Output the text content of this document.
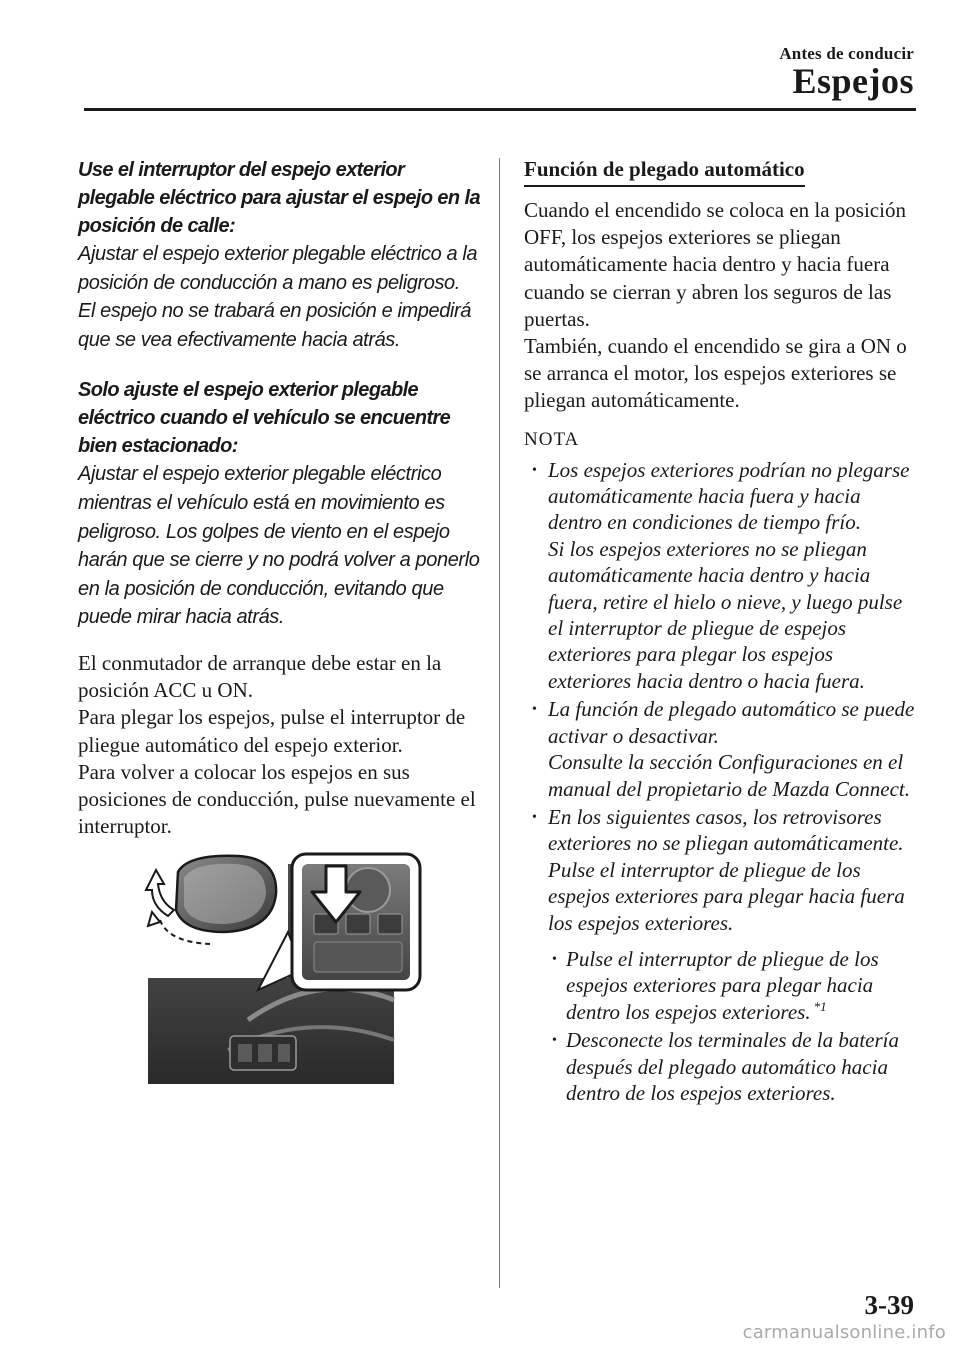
Antes de conducir
Espejos
Use el interruptor del espejo exterior plegable eléctrico para ajustar el espejo en la posición de calle:
Ajustar el espejo exterior plegable eléctrico a la posición de conducción a mano es peligroso. El espejo no se trabará en posición e impedirá que se vea efectivamente hacia atrás.
Solo ajuste el espejo exterior plegable eléctrico cuando el vehículo se encuentre bien estacionado:
Ajustar el espejo exterior plegable eléctrico mientras el vehículo está en movimiento es peligroso. Los golpes de viento en el espejo harán que se cierre y no podrá volver a ponerlo en la posición de conducción, evitando que puede mirar hacia atrás.

El conmutador de arranque debe estar en la posición ACC u ON.

Para plegar los espejos, pulse el interruptor de pliegue automático del espejo exterior.

Para volver a colocar los espejos en sus posiciones de conducción, pulse nuevamente el interruptor.

Función de plegado automático

Cuando el encendido se coloca en la posición OFF, los espejos exteriores se pliegan automáticamente hacia dentro y hacia fuera cuando se cierran y abren los seguros de las puertas.

También, cuando el encendido se gira a ON o se arranca el motor, los espejos exteriores se pliegan automáticamente.

NOTA

• Los espejos exteriores podrían no plegarse automáticamente hacia fuera y hacia dentro en condiciones de tiempo frío.

Si los espejos exteriores no se pliegan automáticamente hacia dentro y hacia fuera, retire el hielo o nieve, y luego pulse el interruptor de pliegue de espejos exteriores para plegar los espejos exteriores hacia dentro o hacia fuera.

• La función de plegado automático se puede activar o desactivar.

Consulte la sección Configuraciones en el manual del propietario de Mazda Connect.

• En los siguientes casos, los retrovisores exteriores no se pliegan automáticamente. Pulse el interruptor de pliegue de los espejos exteriores para plegar hacia fuera los espejos exteriores.

• Pulse el interruptor de pliegue de los espejos exteriores para plegar hacia dentro los espejos exteriores. $^{*1}$

• Desconecte los terminales de la batería después del plegado automático hacia dentro de los espejos exteriores.

3-39
carmanualsonline.info
